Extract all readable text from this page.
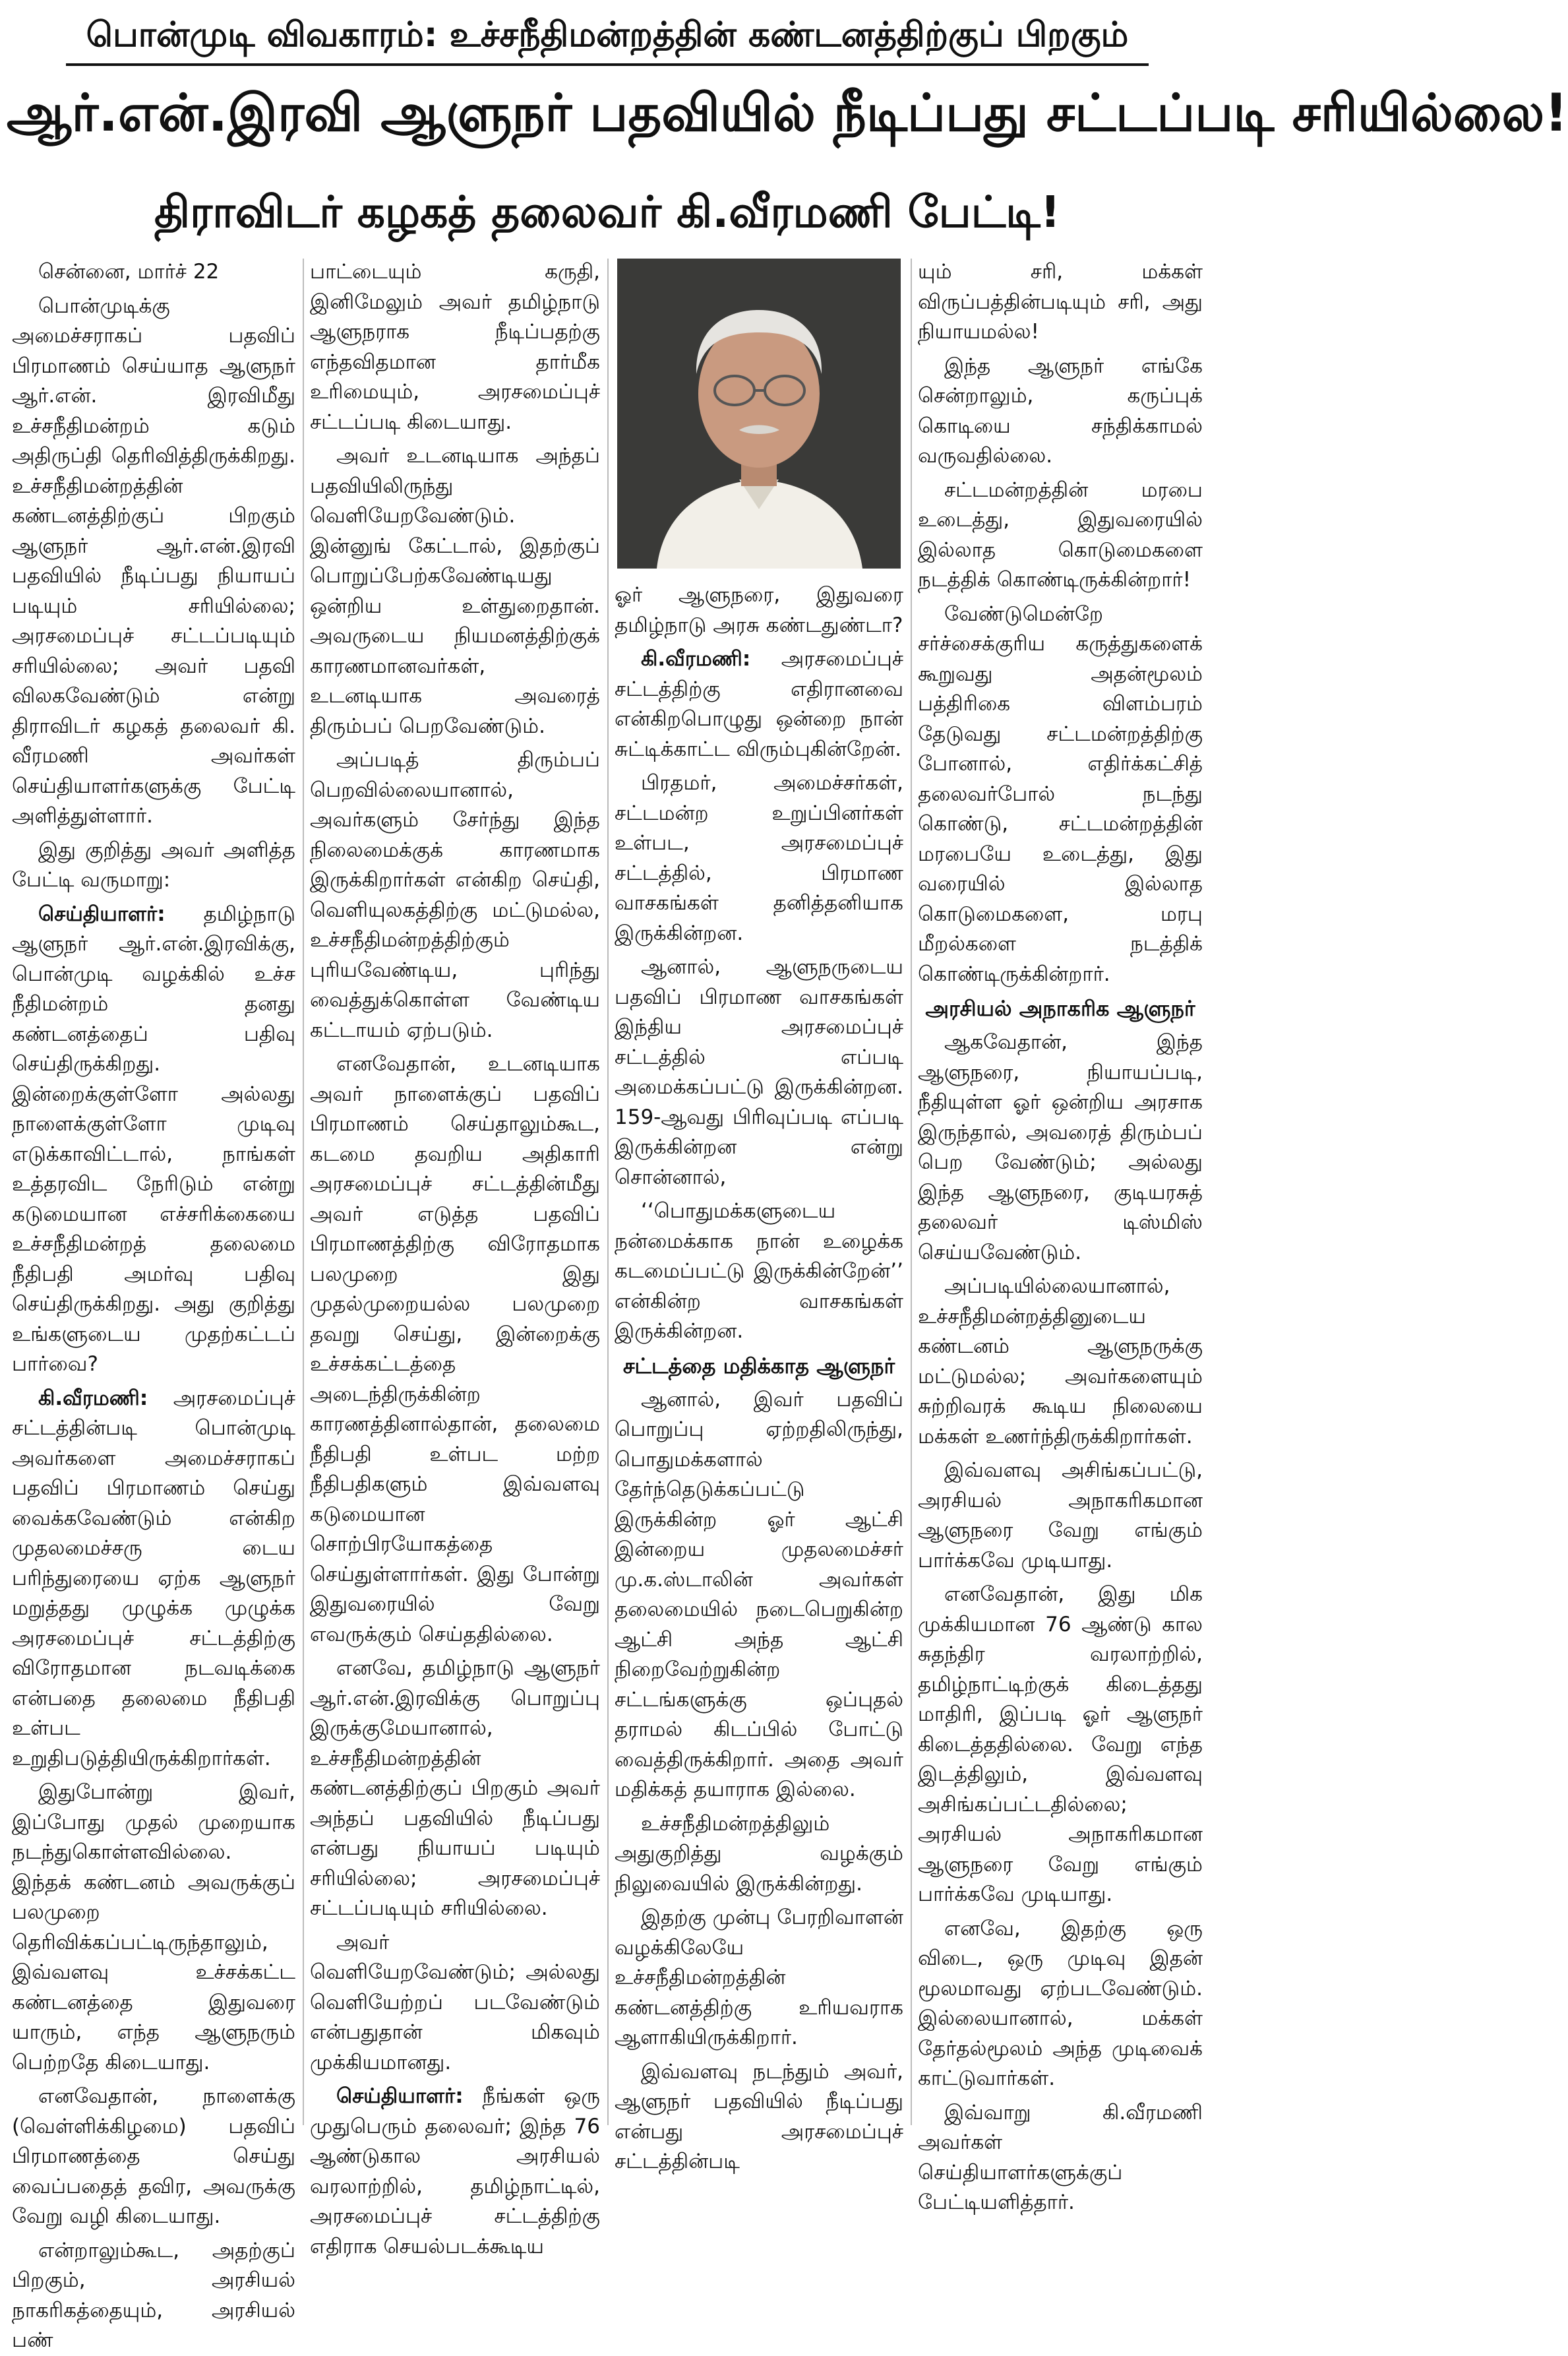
பொன்முடி விவகாரம்: உச்சநீதிமன்றத்தின் கண்டனத்திற்குப் பிறகும்
ஆர்.என்.இரவி ஆளுநர் பதவியில் நீடிப்பது சட்டப்படி சரியில்லை!
திராவிடர் கழகத் தலைவர் கி.வீரமணி பேட்டி!

சென்னை, மார்ச் 22

பொன்முடிக்கு அமைச்சராகப் பதவிப் பிரமாணம் செய்யாத ஆளுநர் ஆர்.என். இரவிமீது உச்சநீதிமன்றம் கடும் அதிருப்தி தெரிவித்திருக்கிறது. உச்சநீதிமன்றத்தின் கண்டனத்திற்குப் பிறகும் ஆளுநர் ஆர்.என்.இரவி பதவியில் நீடிப்பது நியாயப் படியும் சரியில்லை; அரசமைப்புச் சட்டப்படியும் சரியில்லை; அவர் பதவி விலகவேண்டும் என்று திராவிடர் கழகத் தலைவர் கி. வீரமணி அவர்கள் செய்தியாளர்களுக்கு பேட்டி அளித்துள்ளார்.

இது குறித்து அவர் அளித்த பேட்டி வருமாறு:

செய்தியாளர்: தமிழ்நாடு ஆளுநர் ஆர்.என்.இரவிக்கு, பொன்முடி வழக்கில் உச்ச நீதிமன்றம் தனது கண்டனத்தைப் பதிவு செய்திருக்கிறது. இன்றைக்குள்ளோ அல்லது நாளைக்குள்ளோ முடிவு எடுக்காவிட்டால், நாங்கள் உத்தரவிட நேரிடும் என்று கடுமையான எச்சரிக்கையை உச்சநீதிமன்றத் தலைமை நீதிபதி அமர்வு பதிவு செய்திருக்கிறது. அது குறித்து உங்களுடைய முதற்கட்டப் பார்வை?

கி.வீரமணி: அரசமைப்புச் சட்டத்தின்படி பொன்முடி அவர்களை அமைச்சராகப் பதவிப் பிரமாணம் செய்து வைக்கவேண்டும் என்கிற முதலமைச்சரு டைய பரிந்துரையை ஏற்க ஆளுநர் மறுத்தது முழுக்க முழுக்க அரசமைப்புச் சட்டத்திற்கு விரோதமான நடவடிக்கை என்பதை தலைமை நீதிபதி உள்பட உறுதிபடுத்தியிருக்கிறார்கள்.

இதுபோன்று இவர், இப்போது முதல் முறையாக நடந்துகொள்ளவில்லை. இந்தக் கண்டனம் அவருக்குப் பலமுறை தெரிவிக்கப்பட்டிருந்தாலும், இவ்வளவு உச்சக்கட்ட கண்டனத்தை இதுவரை யாரும், எந்த ஆளுநரும் பெற்றதே கிடையாது.

எனவேதான், நாளைக்கு (வெள்ளிக்கிழமை) பதவிப் பிரமாணத்தை செய்து வைப்பதைத் தவிர, அவருக்கு வேறு வழி கிடையாது.

என்றாலும்கூட, அதற்குப் பிறகும், அரசியல் நாகரிகத்தையும், அரசியல் பண்

பாட்டையும் கருதி, இனிமேலும் அவர் தமிழ்நாடு ஆளுநராக நீடிப்பதற்கு எந்தவிதமான தார்மீக உரிமையும், அரசமைப்புச் சட்டப்படி கிடையாது.

அவர் உடனடியாக அந்தப் பதவியிலிருந்து வெளியேறவேண்டும். இன்னுங் கேட்டால், இதற்குப் பொறுப்பேற்கவேண்டியது ஒன்றிய உள்துறைதான். அவருடைய நியமனத்திற்குக் காரணமானவர்கள், உடனடியாக அவரைத் திரும்பப் பெறவேண்டும்.

அப்படித் திரும்பப் பெறவில்லையானால், அவர்களும் சேர்ந்து இந்த நிலைமைக்குக் காரணமாக இருக்கிறார்கள் என்கிற செய்தி, வெளியுலகத்திற்கு மட்டுமல்ல, உச்சநீதிமன்றத்திற்கும் புரியவேண்டிய, புரிந்து வைத்துக்கொள்ள வேண்டிய கட்டாயம் ஏற்படும்.

எனவேதான், உடனடியாக அவர் நாளைக்குப் பதவிப் பிரமாணம் செய்தாலும்கூட, கடமை தவறிய அதிகாரி அரசமைப்புச் சட்டத்தின்மீது அவர் எடுத்த பதவிப் பிரமாணத்திற்கு விரோதமாக பலமுறை இது முதல்முறையல்ல பலமுறை தவறு செய்து, இன்றைக்கு உச்சக்கட்டத்தை அடைந்திருக்கின்ற காரணத்தினால்தான், தலைமை நீதிபதி உள்பட மற்ற நீதிபதிகளும் இவ்வளவு கடுமையான சொற்பிரயோகத்தை செய்துள்ளார்கள். இது போன்று இதுவரையில் வேறு எவருக்கும் செய்ததில்லை.

எனவே, தமிழ்நாடு ஆளுநர் ஆர்.என்.இரவிக்கு பொறுப்பு இருக்குமேயானால், உச்சநீதிமன்றத்தின் கண்டனத்திற்குப் பிறகும் அவர் அந்தப் பதவியில் நீடிப்பது என்பது நியாயப் படியும் சரியில்லை; அரசமைப்புச் சட்டப்படியும் சரியில்லை.

அவர் வெளியேறவேண்டும்; அல்லது வெளியேற்றப் படவேண்டும் என்பதுதான் மிகவும் முக்கியமானது.

செய்தியாளர்: நீங்கள் ஒரு முதுபெரும் தலைவர்; இந்த 76 ஆண்டுகால அரசியல் வரலாற்றில், தமிழ்நாட்டில், அரசமைப்புச் சட்டத்திற்கு எதிராக செயல்படக்கூடிய

ஓர் ஆளுநரை, இதுவரை தமிழ்நாடு அரசு கண்டதுண்டா?

கி.வீரமணி: அரசமைப்புச் சட்டத்திற்கு எதிரானவை என்கிறபொழுது ஒன்றை நான் சுட்டிக்காட்ட விரும்புகின்றேன்.

பிரதமர், அமைச்சர்கள், சட்டமன்ற உறுப்பினர்கள் உள்பட, அரசமைப்புச் சட்டத்தில், பிரமாண வாசகங்கள் தனித்தனியாக இருக்கின்றன.

ஆனால், ஆளுநருடைய பதவிப் பிரமாண வாசகங்கள் இந்திய அரசமைப்புச் சட்டத்தில் எப்படி அமைக்கப்பட்டு இருக்கின்றன. 159-ஆவது பிரிவுப்படி எப்படி இருக்கின்றன என்று சொன்னால்,

‘‘பொதுமக்களுடைய நன்மைக்காக நான் உழைக்க கடமைப்பட்டு இருக்கின்றேன்’’ என்கின்ற வாசகங்கள் இருக்கின்றன.

சட்டத்தை மதிக்காத ஆளுநர்

ஆனால், இவர் பதவிப் பொறுப்பு ஏற்றதிலிருந்து, பொதுமக்களால் தேர்ந்தெடுக்கப்பட்டு இருக்கின்ற ஓர் ஆட்சி இன்றைய முதலமைச்சர் மு.க.ஸ்டாலின் அவர்கள் தலைமையில் நடைபெறுகின்ற ஆட்சி அந்த ஆட்சி நிறைவேற்றுகின்ற சட்டங்களுக்கு ஒப்புதல் தராமல் கிடப்பில் போட்டு வைத்திருக்கிறார். அதை அவர் மதிக்கத் தயாராக இல்லை.

உச்சநீதிமன்றத்திலும் அதுகுறித்து வழக்கும் நிலுவையில் இருக்கின்றது.

இதற்கு முன்பு பேரறிவாளன் வழக்கிலேயே உச்சநீதிமன்றத்தின் கண்டனத்திற்கு உரியவராக ஆளாகியிருக்கிறார்.

இவ்வளவு நடந்தும் அவர், ஆளுநர் பதவியில் நீடிப்பது என்பது அரசமைப்புச் சட்டத்தின்படி

யும் சரி, மக்கள் விருப்பத்தின்படியும் சரி, அது நியாயமல்ல!

இந்த ஆளுநர் எங்கே சென்றாலும், கருப்புக் கொடியை சந்திக்காமல் வருவதில்லை.

சட்டமன்றத்தின் மரபை உடைத்து, இதுவரையில் இல்லாத கொடுமைகளை நடத்திக் கொண்டிருக்கின்றார்!

வேண்டுமென்றே சர்ச்சைக்குரிய கருத்துகளைக் கூறுவது அதன்மூலம் பத்திரிகை விளம்பரம் தேடுவது சட்டமன்றத்திற்கு போனால், எதிர்க்கட்சித் தலைவர்போல் நடந்து கொண்டு, சட்டமன்றத்தின் மரபையே உடைத்து, இது வரையில் இல்லாத கொடுமைகளை, மரபு மீறல்களை நடத்திக் கொண்டிருக்கின்றார்.

அரசியல் அநாகரிக ஆளுநர்

ஆகவேதான், இந்த ஆளுநரை, நியாயப்படி, நீதியுள்ள ஓர் ஒன்றிய அரசாக இருந்தால், அவரைத் திரும்பப் பெற வேண்டும்; அல்லது இந்த ஆளுநரை, குடியரசுத் தலைவர் டிஸ்மிஸ் செய்யவேண்டும்.

அப்படியில்லையானால், உச்சநீதிமன்றத்தினுடைய கண்டனம் ஆளுநருக்கு மட்டுமல்ல; அவர்களையும் சுற்றிவரக் கூடிய நிலையை மக்கள் உணர்ந்திருக்கிறார்கள்.

இவ்வளவு அசிங்கப்பட்டு, அரசியல் அநாகரிகமான ஆளுநரை வேறு எங்கும் பார்க்கவே முடியாது.

எனவேதான், இது மிக முக்கியமான 76 ஆண்டு கால சுதந்திர வரலாற்றில், தமிழ்நாட்டிற்குக் கிடைத்தது மாதிரி, இப்படி ஓர் ஆளுநர் கிடைத்ததில்லை. வேறு எந்த இடத்திலும், இவ்வளவு அசிங்கப்பட்டதில்லை; அரசியல் அநாகரிகமான ஆளுநரை வேறு எங்கும் பார்க்கவே முடியாது.

எனவே, இதற்கு ஒரு விடை, ஒரு முடிவு இதன் மூலமாவது ஏற்படவேண்டும். இல்லையானால், மக்கள் தேர்தல்மூலம் அந்த முடிவைக் காட்டுவார்கள்.

இவ்வாறு கி.வீரமணி அவர்கள் செய்தியாளர்களுக்குப் பேட்டியளித்தார்.
